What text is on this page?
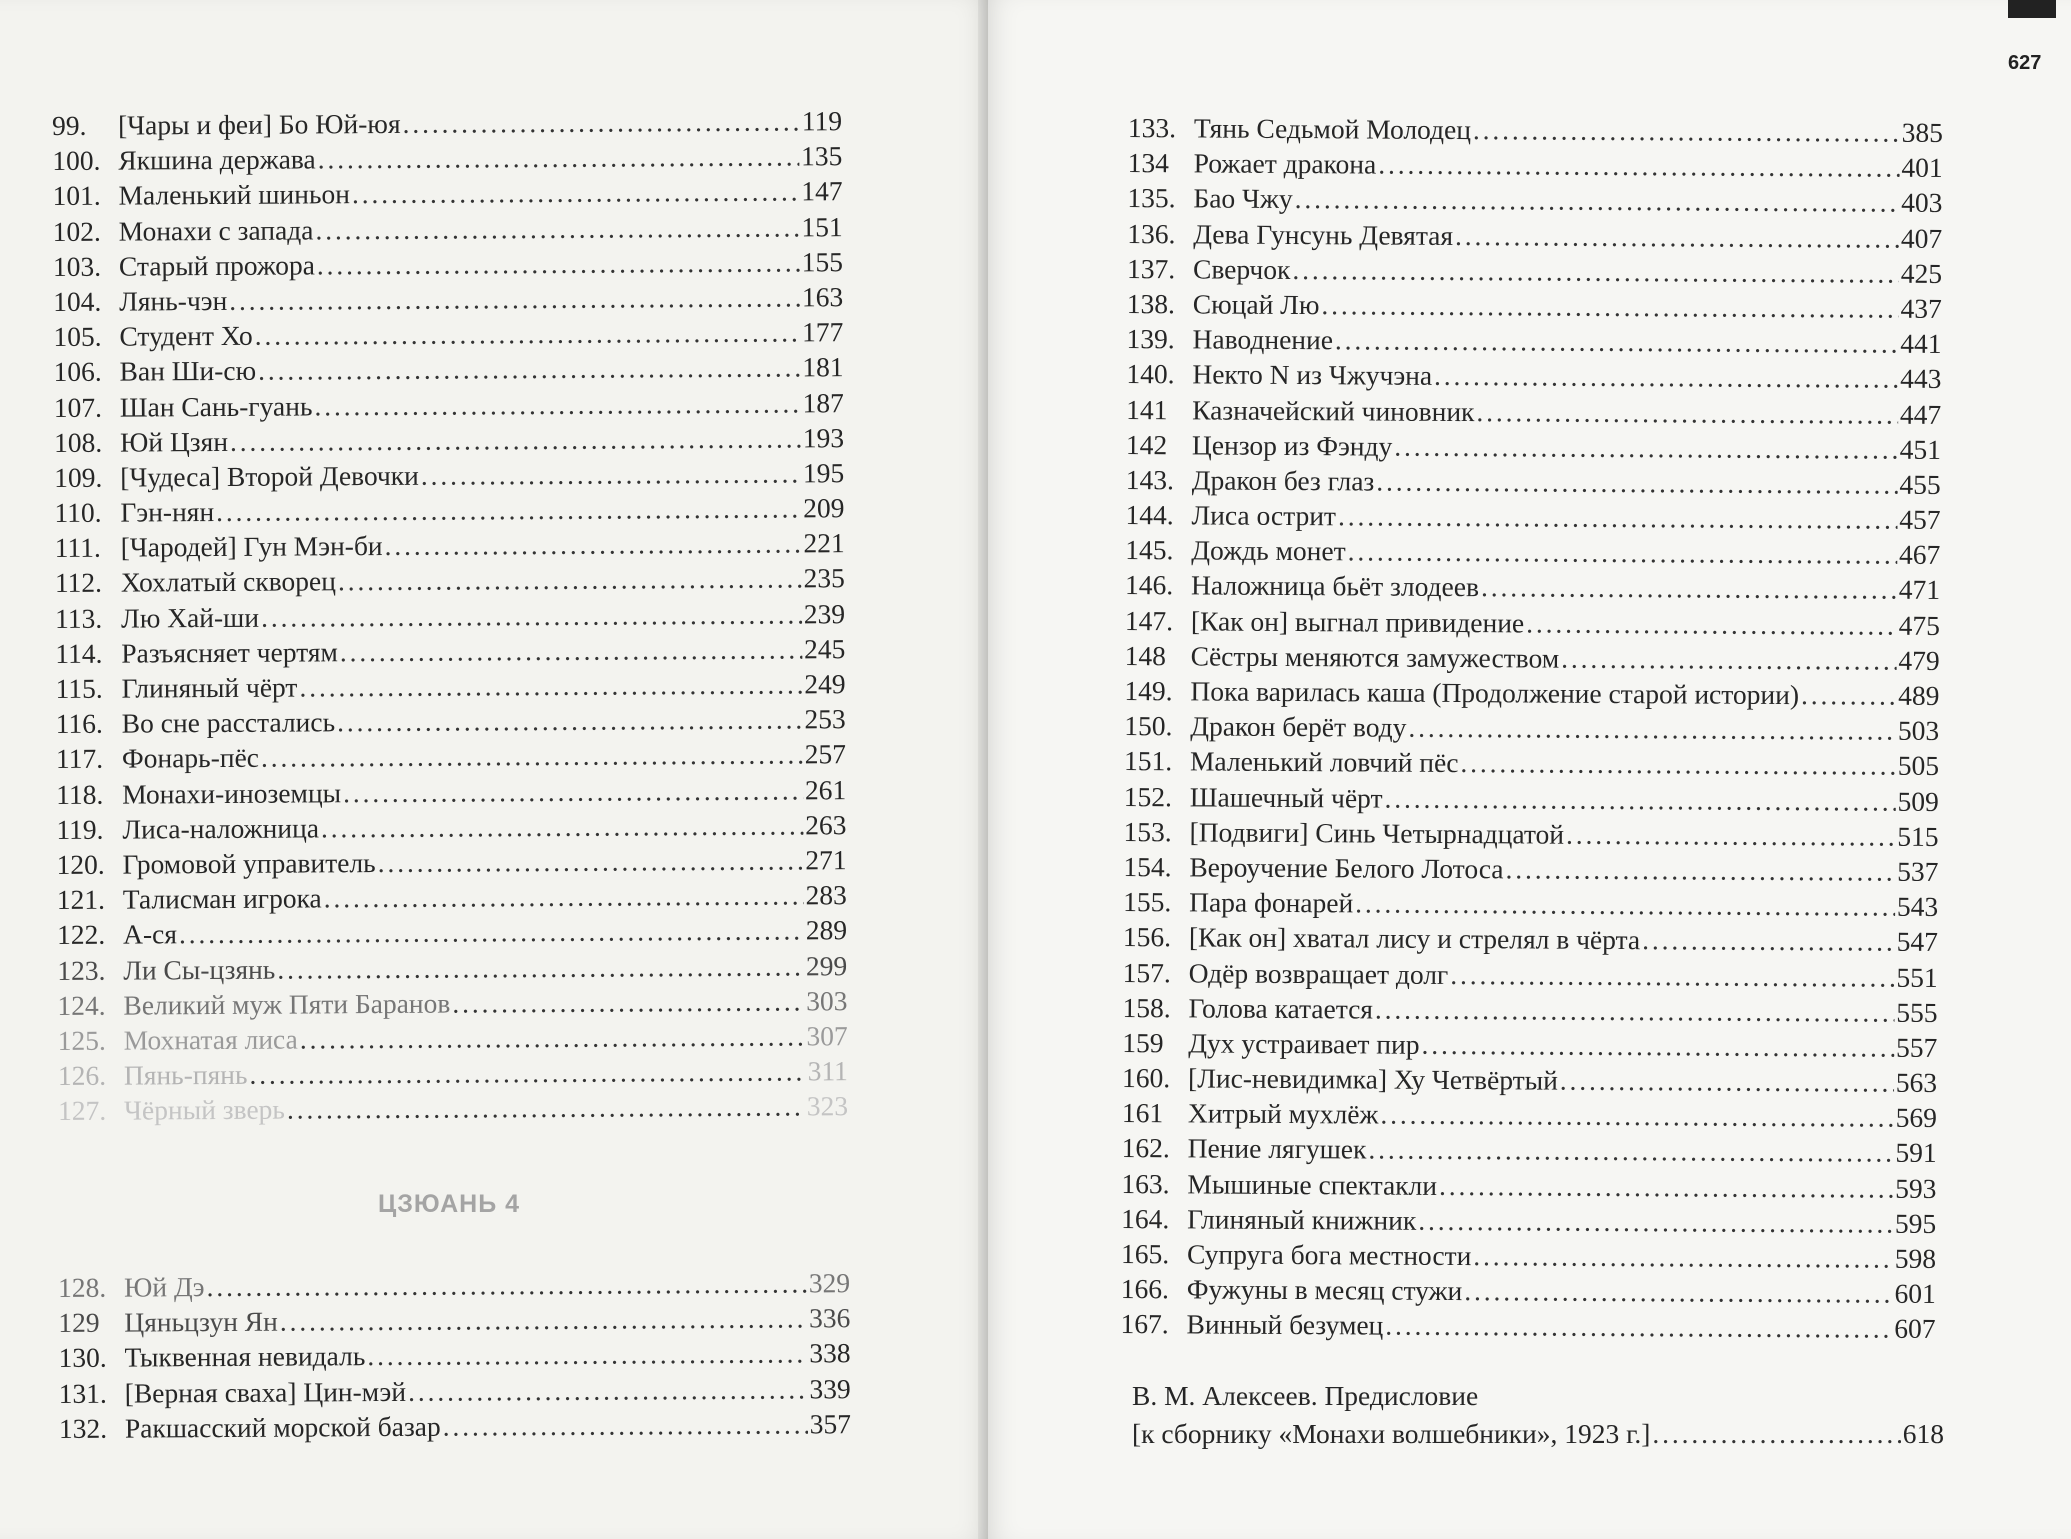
99.	[Чары и феи] Бо Юй-юя . . .	119
100. Якшина держава . . .	135
101. Маленький шиньон . . .	147
102. Монахи с запада . . .	151
103. Старый прожора . . .	155
104. Лянь-чэн . . .	163
105. Студент Хо . . .	177
106. Ван Ши-сю . . .	181
107. Шан Сань-гуань . . .	187
108. Юй Цзян . . .	193
109. [Чудеса] Второй Девочки . . .	195
110. Гэн-нян . . .	209
111. [Чародей] Гун Мэн-би . . .	221
112. Хохлатый скворец . . .	235
113. Лю Хай-ши . . .	239
114. Разъясняет чертям . . .	245
115. Глиняный чёрт . . .	249
116. Во сне расстались . . .	253
117. Фонарь-пёс . . .	257
118. Монахи-иноземцы . . .	261
119. Лиса-наложница . . .	263
120. Громовой управитель . . .	271
121. Талисман игрока . . .	283
122. А-ся . . .	289
123. Ли Сы-цзянь . . .	299
124. Великий муж Пяти Баранов . . .	303
125. Мохнатая лиса . . .	307
126. Пянь-пянь . . .	311
127. Чёрный зверь . . .	323
ЦЗЮАНЬ 4
128. Юй Дэ . . .	329
129 Цяньцзун Ян . . .	336
130. Тыквенная невидаль . . .	338
131. [Верная сваха] Цин-мэй . . .	339
132. Ракшасский морской базар . . .	357
627
133. Тянь Седьмой Молодец . . .	385
134 Рожает дракона . . .	401
135. Бао Чжу . . .	403
136. Дева Гунсунь Девятая . . .	407
137. Сверчок . . .	425
138. Сюцай Лю . . .	437
139. Наводнение . . .	441
140. Некто N из Чжучэна . . .	443
141 Казначейский чиновник . . .	447
142 Цензор из Фэнду . . .	451
143. Дракон без глаз . . .	455
144. Лиса острит . . .	457
145. Дождь монет . . .	467
146. Наложница бьёт злодеев . . .	471
147. [Как он] выгнал привидение . . .	475
148 Сёстры меняются замужеством . . .	479
149. Пока варилась каша (Продолжение старой истории) . . .	489
150. Дракон берёт воду . . .	503
151. Маленький ловчий пёс . . .	505
152. Шашечный чёрт . . .	509
153. [Подвиги] Синь Четырнадцатой . . .	515
154. Вероучение Белого Лотоса . . .	537
155. Пара фонарей . . .	543
156. [Как он] хватал лису и стрелял в чёрта . . .	547
157. Одёр возвращает долг . . .	551
158. Голова катается . . .	555
159 Дух устраивает пир . . .	557
160. [Лис-невидимка] Ху Четвёртый . . .	563
161 Хитрый мухлёж . . .	569
162. Пение лягушек . . .	591
163. Мышиные спектакли . . .	593
164. Глиняный книжник . . .	595
165. Супруга бога местности . . .	598
166. Фужуны в месяц стужи . . .	601
167. Винный безумец . . .	607
В. М. Алексеев. Предисловие
[к сборнику «Монахи волшебники», 1923 г.] . . .	618
